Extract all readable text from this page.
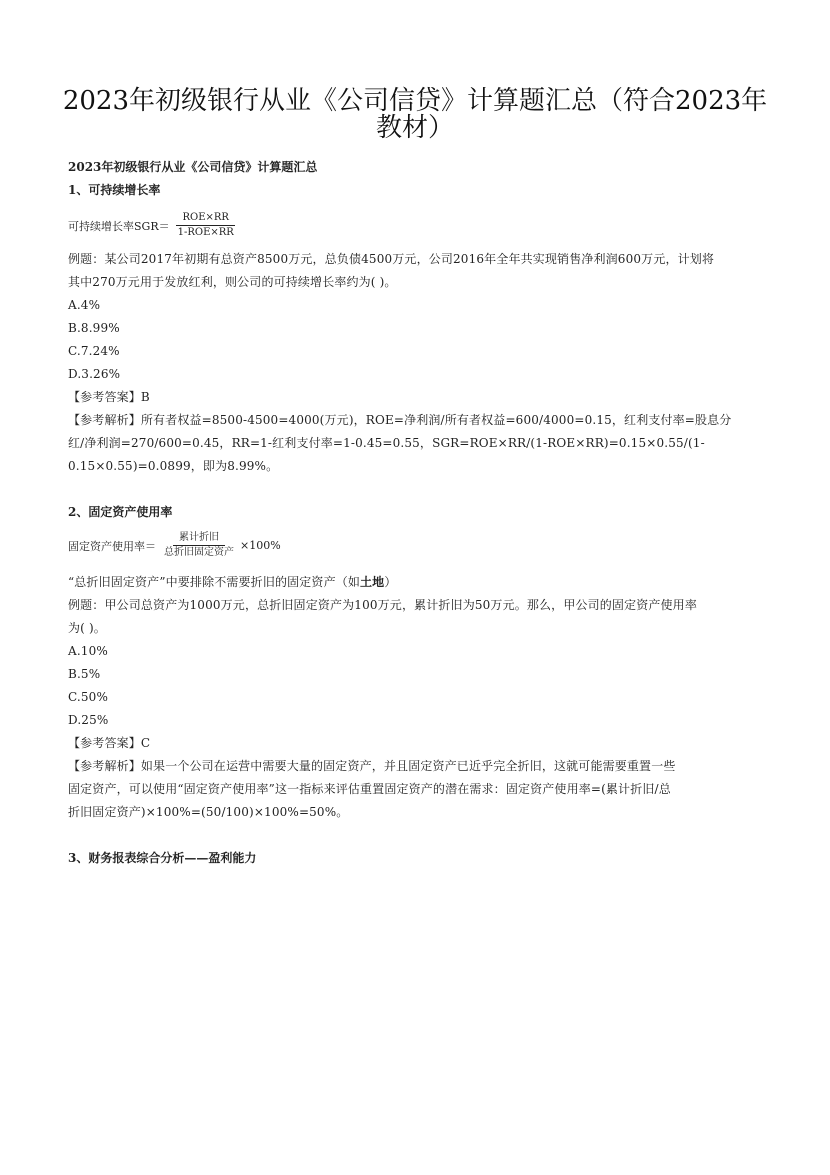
2023年初级银行从业《公司信贷》计算题汇总（符合2023年教材）
2023年初级银行从业《公司信贷》计算题汇总
1、可持续增长率
可持续增长率$SGR= \frac{\text{ROE×RR}}{\text{1-ROE×RR}}$
例题：某公司2017年初期有总资产8500万元，总负债4500万元，公司2016年全年共实现销售净利润600万元，计划将
其中270万元用于发放红利，则公司的可持续增长率约为( )。
A.4%
B.8.99%
C.7.24%
D.3.26%
【参考答案】B
【参考解析】所有者权益=8500-4500=4000(万元)，ROE=净利润/所有者权益=600/4000=0.15，红利支付率=股息分
红/净利润=270/600=0.45，RR=1-红利支付率=1-0.45=0.55，SGR=ROE×RR/(1-ROE×RR)=0.15×0.55/(1-
0.15×0.55)=0.0899，即为8.99%。
2、固定资产使用率
固定资产使用率＝ $\frac{\text{累计折旧}}{\text{总折旧固定资产}} \times 100\%$
“总折旧固定资产”中要排除不需要折旧的固定资产（如土地）
例题：甲公司总资产为1000万元，总折旧固定资产为100万元，累计折旧为50万元。那么，甲公司的固定资产使用率
为( )。
A.10%
B.5%
C.50%
D.25%
【参考答案】C
【参考解析】如果一个公司在运营中需要大量的固定资产，并且固定资产已近乎完全折旧，这就可能需要重置一些
固定资产，可以使用“固定资产使用率”这一指标来评估重置固定资产的潜在需求：固定资产使用率=(累计折旧/总
折旧固定资产)×100%=(50/100)×100%=50%。
3、财务报表综合分析——盈利能力
